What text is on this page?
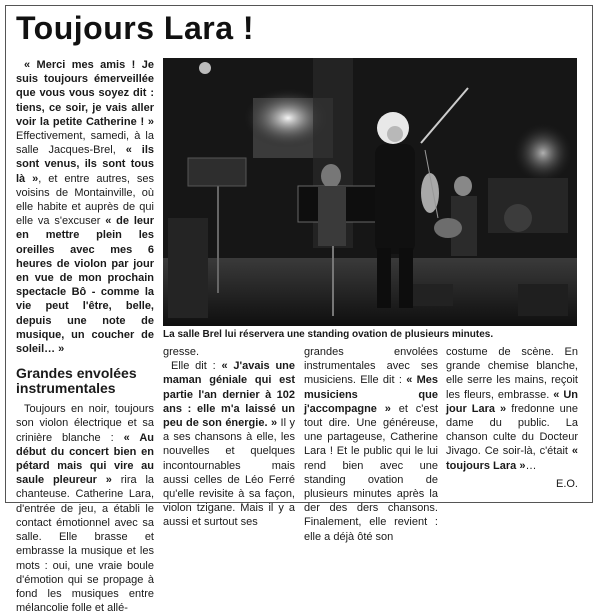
Toujours Lara !

« Merci mes amis ! Je suis toujours émerveillée que vous vous soyez dit : tiens, ce soir, je vais aller voir la petite Catherine ! » Effectivement, samedi, à la salle Jacques-Brel, « ils sont venus, ils sont tous là », et entre autres, ses voisins de Montainville, où elle habite et auprès de qui elle va s'excuser « de leur en mettre plein les oreilles avec mes 6 heures de violon par jour en vue de mon prochain spectacle Bô - comme la vie peut l'être, belle, depuis une note de musique, un coucher de soleil… »

Grandes envolées instrumentales

Toujours en noir, toujours son violon électrique et sa crinière blanche : « Au début du concert bien en pétard mais qui vire au saule pleureur » rira la chanteuse. Catherine Lara, d'entrée de jeu, a établi le contact émotionnel avec sa salle. Elle brasse et embrasse la musique et les mots : oui, une vraie boule d'émotion qui se propage à fond les musiques entre mélancolie folle et allé-

La salle Brel lui réservera une standing ovation de plusieurs minutes.

gresse.

Elle dit : « J'avais une maman géniale qui est partie l'an dernier à 102 ans : elle m'a laissé un peu de son énergie. » Il y a ses chansons à elle, les nouvelles et quelques incontournables mais aussi celles de Léo Ferré qu'elle revisite à sa façon, violon tzigane. Mais il y a aussi et surtout ses

grandes envolées instrumentales avec ses musiciens. Elle dit : « Mes musiciens que j'accompagne » et c'est tout dire. Une généreuse, une partageuse, Catherine Lara ! Et le public qui le lui rend bien avec une standing ovation de plusieurs minutes après la der des ders chansons. Finalement, elle revient : elle a déjà ôté son

costume de scène. En grande chemise blanche, elle serre les mains, reçoit les fleurs, embrasse. « Un jour Lara » fredonne une dame du public. La chanson culte du Docteur Jivago. Ce soir-là, c'était « toujours Lara »…

E.O.
